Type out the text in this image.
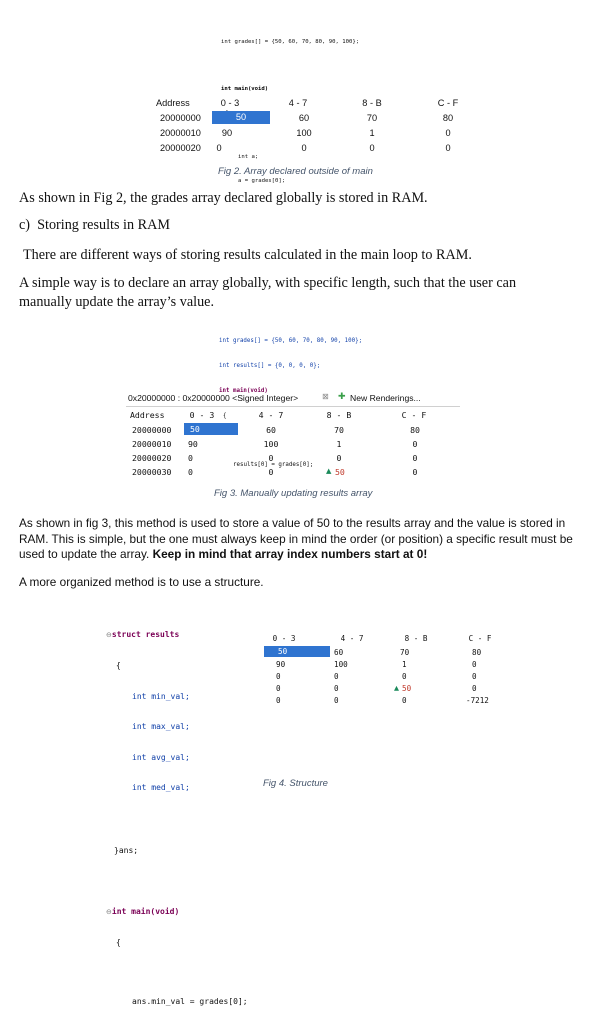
int grades[] = {50, 60, 70, 80, 90, 100};

int main(void)

int a;

a = grades[0];

Address	0 - 3	4 - 7	8 - B	C - F
20000000	50	60	70	80
20000010	90	100	1	0
20000020	0	0	0	0
Fig 2. Array declared outside of main
As shown in Fig 2, the grades array declared globally is stored in RAM.
c)  Storing results in RAM
There are different ways of storing results calculated in the main loop to RAM.
A simple way is to declare an array globally, with specific length, such that the user can manually update the array’s value.

int grades[] = {50, 60, 70, 80, 90, 100};

int results[] = {0, 0, 0, 0};

int main(void)

{

results[0] = grades[0];

0x20000000 : 0x20000000 <Signed Integer>	⊠ ✚ New Renderings...
Address	0 - 3	4 - 7	8 - B	C - F
20000000	50	60	70	80
20000010 90	100	1	0
20000020 0	0	0	0
20000030 0	0	▲ 50	0
Fig 3. Manually updating results array
As shown in fig 3, this method is used to store a value of 50 to the results array and the value is stored in RAM. This is simple, but the one must always keep in mind the order (or position) a specific result must be used to update the array. Keep in mind that array index numbers start at 0!
A more organized method is to use a structure.

⊖struct results

{

int min_val;

int max_val;

int avg_val;

int med_val;

}ans;

⊖int main(void)

{

ans.min_val = grades[0];

0 - 3	4 - 7	8 - B	C - F
50	60	70	80
90	100	1	0
0	0	0	0
0	0	▲ 50	0
0	0	0	-7212
Fig 4. Structure
